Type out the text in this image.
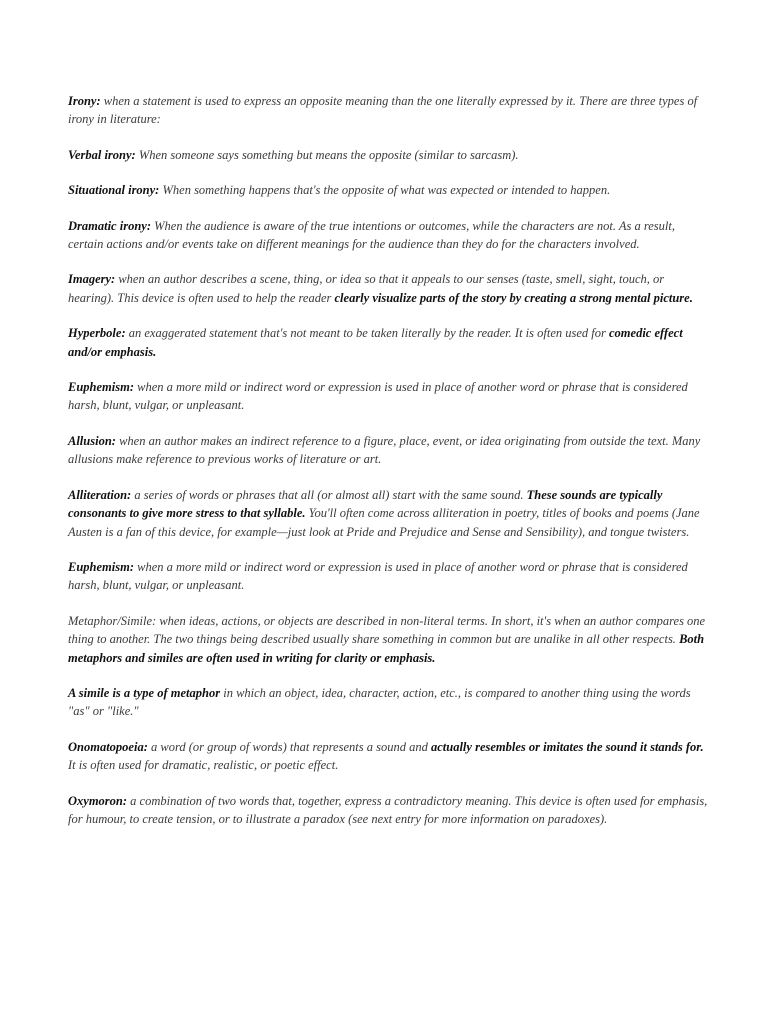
Irony: when a statement is used to express an opposite meaning than the one literally expressed by it. There are three types of irony in literature:

Verbal irony: When someone says something but means the opposite (similar to sarcasm).

Situational irony: When something happens that's the opposite of what was expected or intended to happen.

Dramatic irony: When the audience is aware of the true intentions or outcomes, while the characters are not. As a result, certain actions and/or events take on different meanings for the audience than they do for the characters involved.

Imagery: when an author describes a scene, thing, or idea so that it appeals to our senses (taste, smell, sight, touch, or hearing). This device is often used to help the reader clearly visualize parts of the story by creating a strong mental picture.

Hyperbole: an exaggerated statement that's not meant to be taken literally by the reader. It is often used for comedic effect and/or emphasis.

Euphemism: when a more mild or indirect word or expression is used in place of another word or phrase that is considered harsh, blunt, vulgar, or unpleasant.

Allusion: when an author makes an indirect reference to a figure, place, event, or idea originating from outside the text. Many allusions make reference to previous works of literature or art.

Alliteration: a series of words or phrases that all (or almost all) start with the same sound. These sounds are typically consonants to give more stress to that syllable. You'll often come across alliteration in poetry, titles of books and poems (Jane Austen is a fan of this device, for example—just look at Pride and Prejudice and Sense and Sensibility), and tongue twisters.

Euphemism: when a more mild or indirect word or expression is used in place of another word or phrase that is considered harsh, blunt, vulgar, or unpleasant.

Metaphor/Simile: when ideas, actions, or objects are described in non-literal terms. In short, it's when an author compares one thing to another. The two things being described usually share something in common but are unalike in all other respects. Both metaphors and similes are often used in writing for clarity or emphasis.

A simile is a type of metaphor in which an object, idea, character, action, etc., is compared to another thing using the words "as" or "like."

Onomatopoeia: a word (or group of words) that represents a sound and actually resembles or imitates the sound it stands for. It is often used for dramatic, realistic, or poetic effect.

Oxymoron: a combination of two words that, together, express a contradictory meaning. This device is often used for emphasis, for humour, to create tension, or to illustrate a paradox (see next entry for more information on paradoxes).
